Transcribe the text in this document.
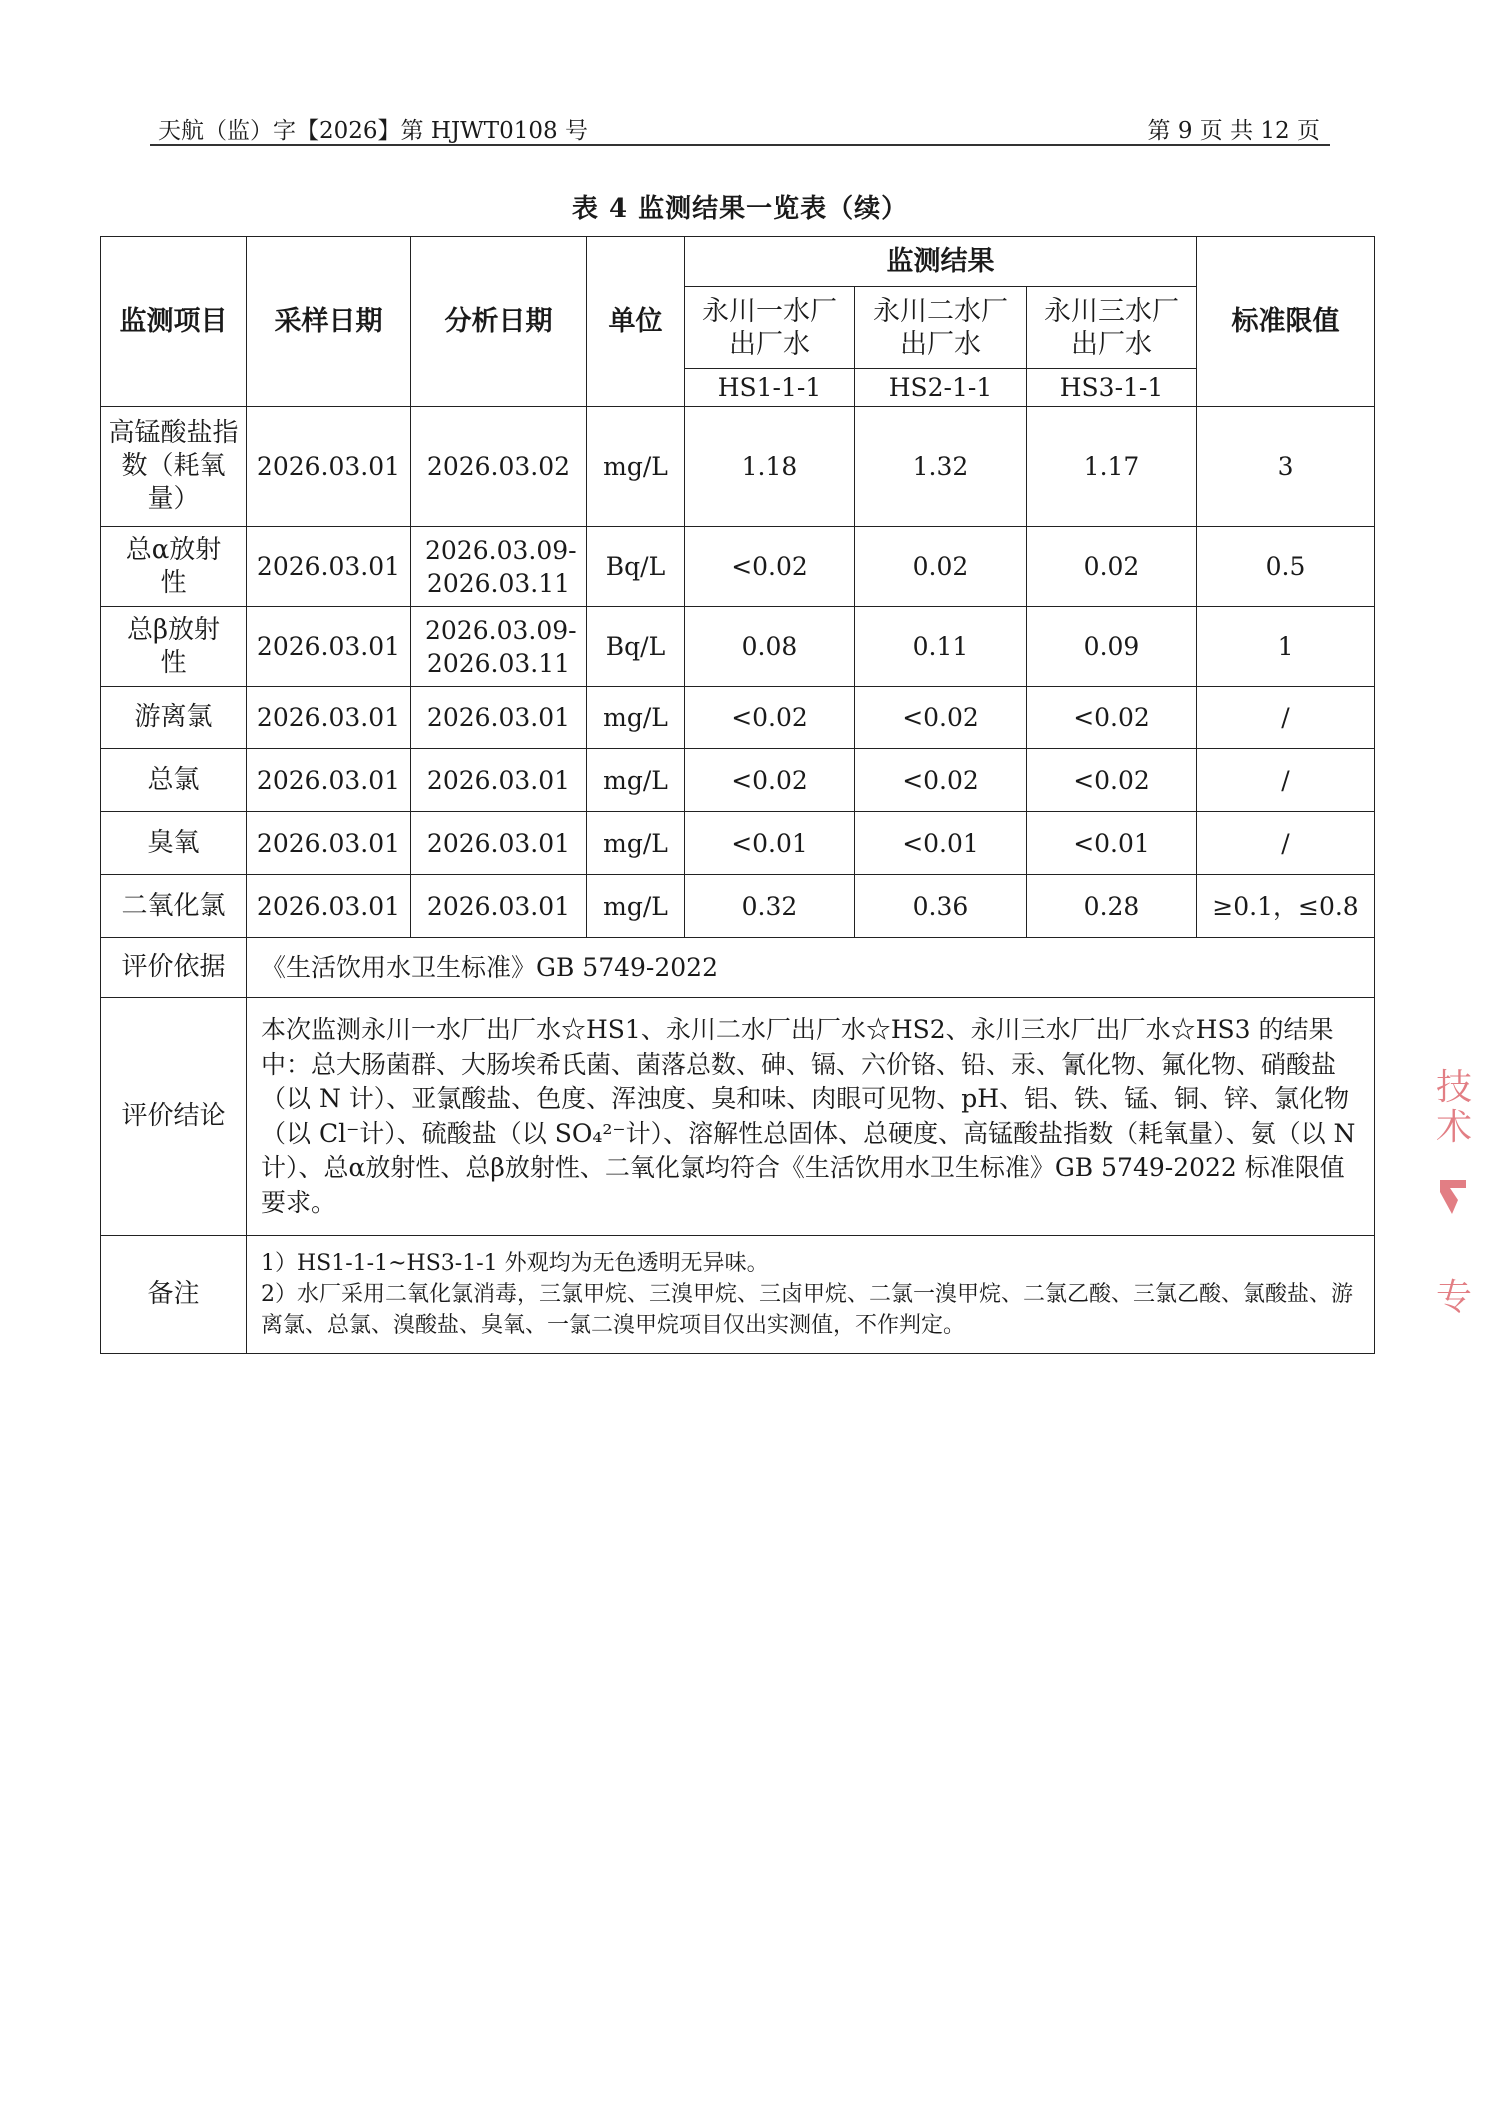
天航（监）字【2026】第 HJWT0108 号	第 9 页 共 12 页
表 4 监测结果一览表（续）
监测项目	采样日期	分析日期	单位	监测结果			标准限值
				永川一水厂出厂水	永川二水厂出厂水	永川三水厂出厂水	
				HS1-1-1	HS2-1-1	HS3-1-1	
高锰酸盐指数（耗氧量）	2026.03.01	2026.03.02	mg/L	1.18	1.32	1.17	3
总α放射性	2026.03.01	2026.03.09-2026.03.11	Bq/L	<0.02	0.02	0.02	0.5
总β放射性	2026.03.01	2026.03.09-2026.03.11	Bq/L	0.08	0.11	0.09	1
游离氯	2026.03.01	2026.03.01	mg/L	<0.02	<0.02	<0.02	/
总氯	2026.03.01	2026.03.01	mg/L	<0.02	<0.02	<0.02	/
臭氧	2026.03.01	2026.03.01	mg/L	<0.01	<0.01	<0.01	/
二氧化氯	2026.03.01	2026.03.01	mg/L	0.32	0.36	0.28	≥0.1，≤0.8
评价依据	《生活饮用水卫生标准》GB 5749-2022						
评价结论	本次监测永川一水厂出厂水☆HS1、永川二水厂出厂水☆HS2、永川三水厂出厂水☆HS3 的结果中：总大肠菌群、大肠埃希氏菌、菌落总数、砷、镉、六价铬、铅、汞、氰化物、氟化物、硝酸盐（以 N 计）、亚氯酸盐、色度、浑浊度、臭和味、肉眼可见物、pH、铝、铁、锰、铜、锌、氯化物（以 Cl⁻计）、硫酸盐（以 SO₄²⁻计）、溶解性总固体、总硬度、高锰酸盐指数（耗氧量）、氨（以 N 计）、总α放射性、总β放射性、二氧化氯均符合《生活饮用水卫生标准》GB 5749-2022 标准限值要求。						
备注	1）HS1-1-1~HS3-1-1 外观均为无色透明无异味。
2）水厂采用二氧化氯消毒，三氯甲烷、三溴甲烷、三卤甲烷、二氯一溴甲烷、二氯乙酸、三氯乙酸、氯酸盐、游离氯、总氯、溴酸盐、臭氧、一氯二溴甲烷项目仅出实测值，不作判定。						
技术
专
